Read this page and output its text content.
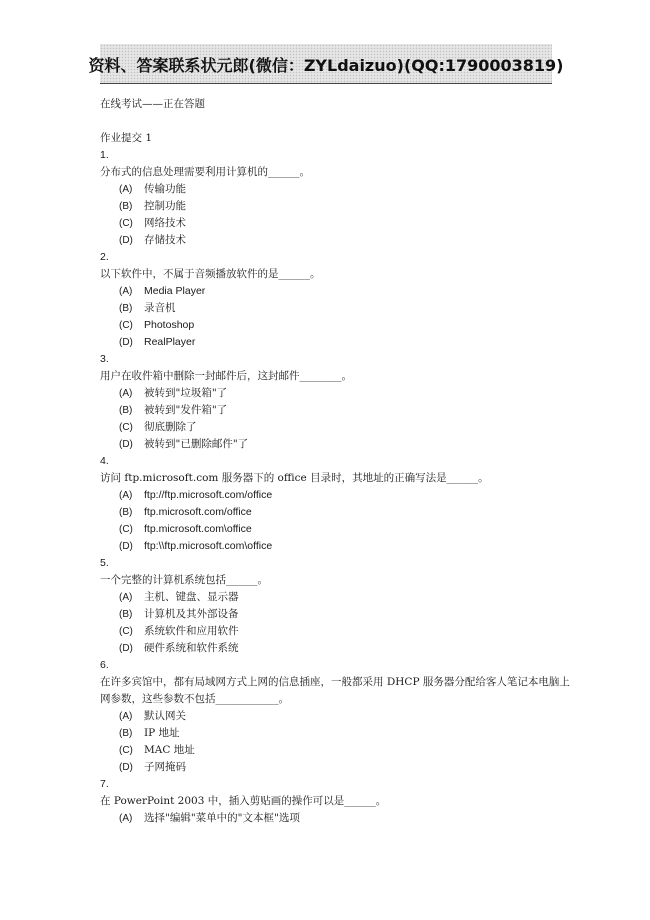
资料、答案联系状元郎(微信：ZYLdaizuo)(QQ:1790003819)
在线考试——正在答题
作业提交 1
1.
分布式的信息处理需要利用计算机的______。
(A)	传输功能
(B)	控制功能
(C)	网络技术
(D)	存储技术
2.
以下软件中，不属于音频播放软件的是______。
(A)	Media Player
(B)	录音机
(C)	Photoshop
(D)	RealPlayer
3.
用户在收件箱中删除一封邮件后，这封邮件________。
(A)	被转到"垃圾箱"了
(B)	被转到"发件箱"了
(C)	彻底删除了
(D)	被转到"已删除邮件"了
4.
访问 ftp.microsoft.com 服务器下的 office 目录时，其地址的正确写法是______。
(A)	ftp://ftp.microsoft.com/office
(B)	ftp.microsoft.com/office
(C)	ftp.microsoft.com\office
(D)	ftp:\\ftp.microsoft.com\office
5.
一个完整的计算机系统包括______。
(A)	主机、键盘、显示器
(B)	计算机及其外部设备
(C)	系统软件和应用软件
(D)	硬件系统和软件系统
6.
在许多宾馆中，都有局域网方式上网的信息插座，一般都采用 DHCP 服务器分配给客人笔记本电脑上网参数，这些参数不包括____________。
(A)	默认网关
(B)	IP 地址
(C)	MAC 地址
(D)	子网掩码
7.
在 PowerPoint 2003 中，插入剪贴画的操作可以是______。
(A)	选择"编辑"菜单中的"文本框"选项
